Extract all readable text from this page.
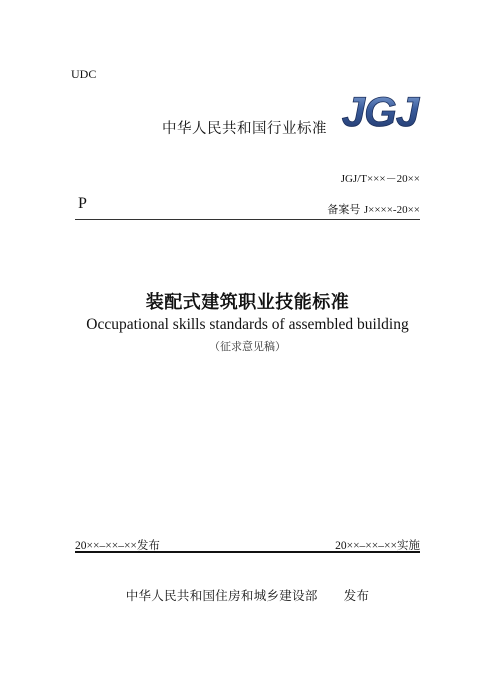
UDC
中华人民共和国行业标准 JGJ
JGJ/T×××－20××
P	备案号 J××××-20××
装配式建筑职业技能标准
Occupational skills standards of assembled building
（征求意见稿）
20××–××–××发布	20××–××–××实施
中华人民共和国住房和城乡建设部 发布
